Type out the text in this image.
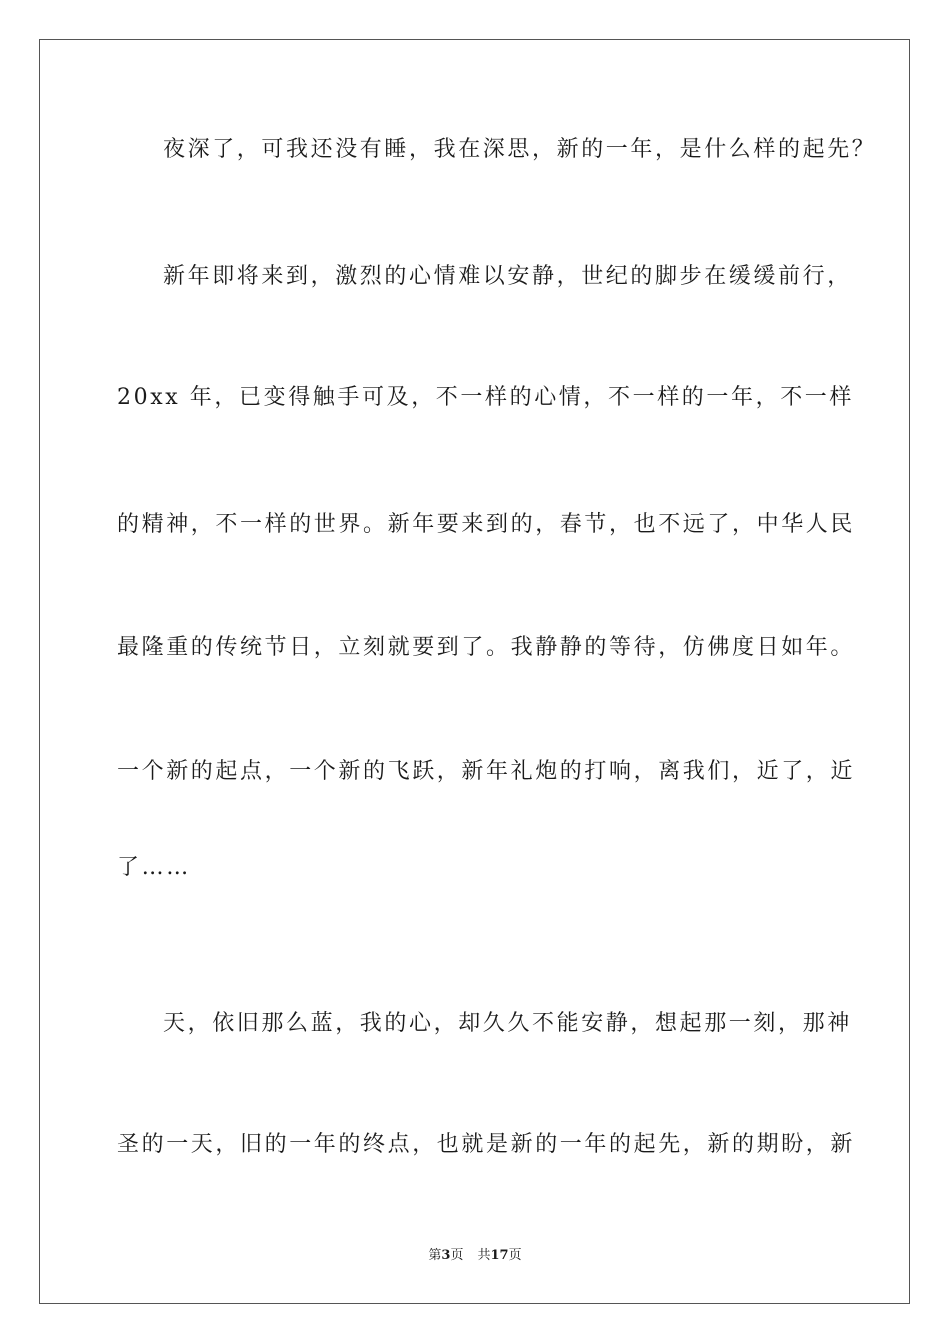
夜深了，可我还没有睡，我在深思，新的一年，是什么样的起先？
新年即将来到，激烈的心情难以安静，世纪的脚步在缓缓前行，
20xx 年，已变得触手可及，不一样的心情，不一样的一年，不一样
的精神，不一样的世界。新年要来到的，春节，也不远了，中华人民
最隆重的传统节日，立刻就要到了。我静静的等待，仿佛度日如年。
一个新的起点，一个新的飞跃，新年礼炮的打响，离我们，近了，近
了……
天，依旧那么蓝，我的心，却久久不能安静，想起那一刻，那神
圣的一天，旧的一年的终点，也就是新的一年的起先，新的期盼，新
第3页 共17页
